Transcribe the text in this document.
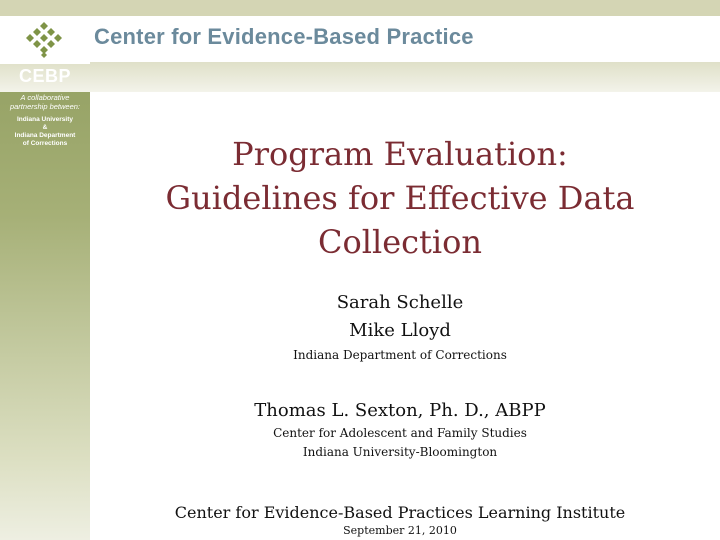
Center for Evidence-Based Practice
CEBP
A collaborative
partnership between:
Indiana University
&
Indiana Department
of Corrections	Program Evaluation:
Guidelines for Effective Data
Collection
Sarah Schelle
Mike Lloyd
Indiana Department of Corrections
Thomas L. Sexton, Ph. D., ABPP
Center for Adolescent and Family Studies
Indiana University-Bloomington
Center for Evidence-Based Practices Learning Institute
September 21, 2010
